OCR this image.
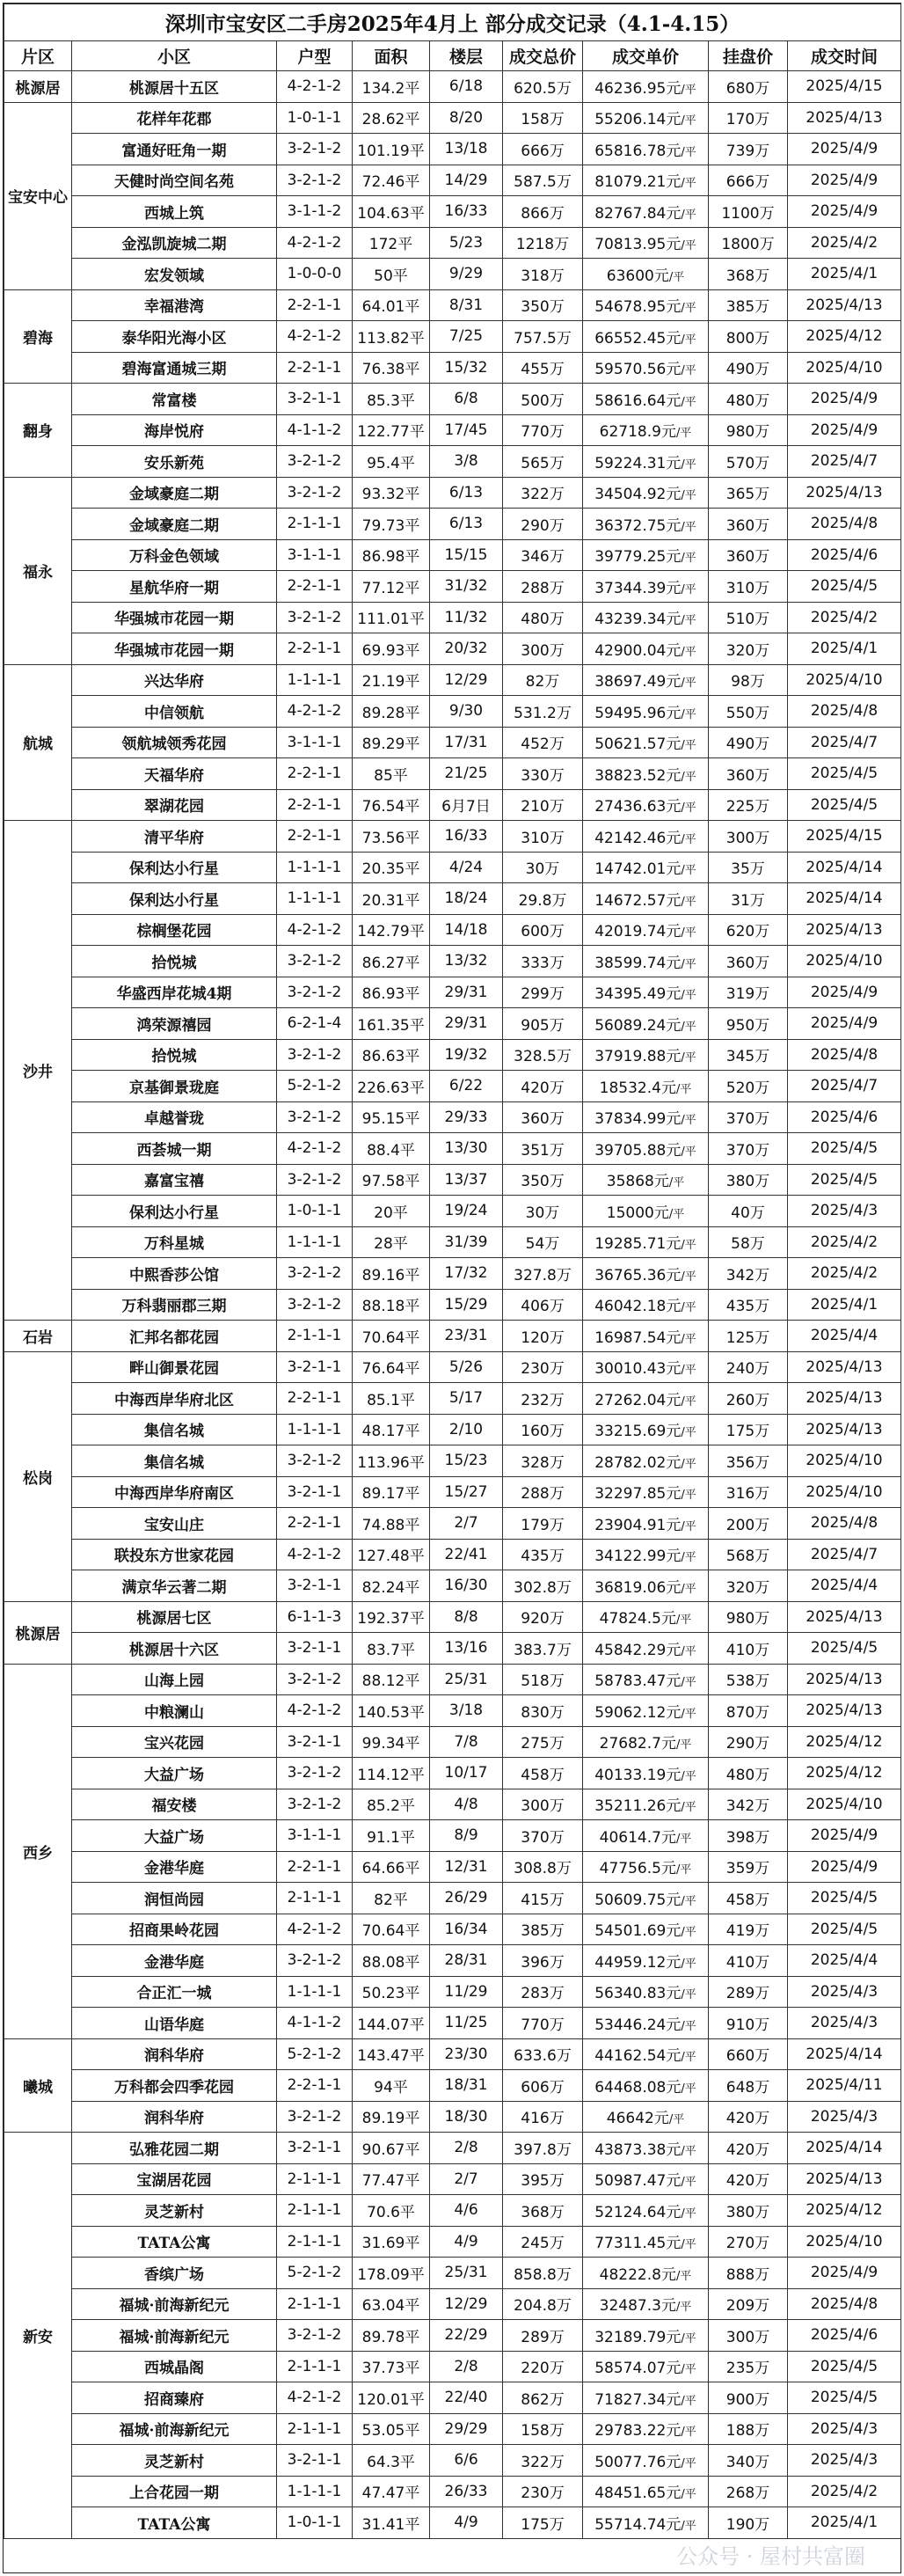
深圳市宝安区二手房2025年4月上 部分成交记录（4.1-4.15）								
片区	小区	户型	面积	楼层	成交总价	成交单价	挂盘价	成交时间
桃源居	桃源居十五区	4-2-1-2	134.2平	6/18	620.5万	46236.95元/平	680万	2025/4/15
宝安中心	花样年花郡	1-0-1-1	28.62平	8/20	158万	55206.14元/平	170万	2025/4/13
	富通好旺角一期	3-2-1-2	101.19平	13/18	666万	65816.78元/平	739万	2025/4/9
	天健时尚空间名苑	3-2-1-2	72.46平	14/29	587.5万	81079.21元/平	666万	2025/4/9
	西城上筑	3-1-1-2	104.63平	16/33	866万	82767.84元/平	1100万	2025/4/9
	金泓凯旋城二期	4-2-1-2	172平	5/23	1218万	70813.95元/平	1800万	2025/4/2
	宏发领域	1-0-0-0	50平	9/29	318万	63600元/平	368万	2025/4/1
碧海	幸福港湾	2-2-1-1	64.01平	8/31	350万	54678.95元/平	385万	2025/4/13
	泰华阳光海小区	4-2-1-2	113.82平	7/25	757.5万	66552.45元/平	800万	2025/4/12
	碧海富通城三期	2-2-1-1	76.38平	15/32	455万	59570.56元/平	490万	2025/4/10
翻身	常富楼	3-2-1-1	85.3平	6/8	500万	58616.64元/平	480万	2025/4/9
	海岸悦府	4-1-1-2	122.77平	17/45	770万	62718.9元/平	980万	2025/4/9
	安乐新苑	3-2-1-2	95.4平	3/8	565万	59224.31元/平	570万	2025/4/7
福永	金域豪庭二期	3-2-1-2	93.32平	6/13	322万	34504.92元/平	365万	2025/4/13
	金域豪庭二期	2-1-1-1	79.73平	6/13	290万	36372.75元/平	360万	2025/4/8
	万科金色领域	3-1-1-1	86.98平	15/15	346万	39779.25元/平	360万	2025/4/6
	星航华府一期	2-2-1-1	77.12平	31/32	288万	37344.39元/平	310万	2025/4/5
	华强城市花园一期	3-2-1-2	111.01平	11/32	480万	43239.34元/平	510万	2025/4/2
	华强城市花园一期	2-2-1-1	69.93平	20/32	300万	42900.04元/平	320万	2025/4/1
航城	兴达华府	1-1-1-1	21.19平	12/29	82万	38697.49元/平	98万	2025/4/10
	中信领航	4-2-1-2	89.28平	9/30	531.2万	59495.96元/平	550万	2025/4/8
	领航城领秀花园	3-1-1-1	89.29平	17/31	452万	50621.57元/平	490万	2025/4/7
	天福华府	2-2-1-1	85平	21/25	330万	38823.52元/平	360万	2025/4/5
	翠湖花园	2-2-1-1	76.54平	6月7日	210万	27436.63元/平	225万	2025/4/5
沙井	清平华府	2-2-1-1	73.56平	16/33	310万	42142.46元/平	300万	2025/4/15
	保利达小行星	1-1-1-1	20.35平	4/24	30万	14742.01元/平	35万	2025/4/14
	保利达小行星	1-1-1-1	20.31平	18/24	29.8万	14672.57元/平	31万	2025/4/14
	棕榈堡花园	4-2-1-2	142.79平	14/18	600万	42019.74元/平	620万	2025/4/13
	拾悦城	3-2-1-2	86.27平	13/32	333万	38599.74元/平	360万	2025/4/10
	华盛西岸花城4期	3-2-1-2	86.93平	29/31	299万	34395.49元/平	319万	2025/4/9
	鸿荣源禧园	6-2-1-4	161.35平	29/31	905万	56089.24元/平	950万	2025/4/9
	拾悦城	3-2-1-2	86.63平	19/32	328.5万	37919.88元/平	345万	2025/4/8
	京基御景珑庭	5-2-1-2	226.63平	6/22	420万	18532.4元/平	520万	2025/4/7
	卓越誉珑	3-2-1-2	95.15平	29/33	360万	37834.99元/平	370万	2025/4/6
	西荟城一期	4-2-1-2	88.4平	13/30	351万	39705.88元/平	370万	2025/4/5
	嘉富宝禧	3-2-1-2	97.58平	13/37	350万	35868元/平	380万	2025/4/5
	保利达小行星	1-0-1-1	20平	19/24	30万	15000元/平	40万	2025/4/3
	万科星城	1-1-1-1	28平	31/39	54万	19285.71元/平	58万	2025/4/2
	中熙香莎公馆	3-2-1-2	89.16平	17/32	327.8万	36765.36元/平	342万	2025/4/2
	万科翡丽郡三期	3-2-1-2	88.18平	15/29	406万	46042.18元/平	435万	2025/4/1
石岩	汇邦名都花园	2-1-1-1	70.64平	23/31	120万	16987.54元/平	125万	2025/4/4
松岗	畔山御景花园	3-2-1-1	76.64平	5/26	230万	30010.43元/平	240万	2025/4/13
	中海西岸华府北区	2-2-1-1	85.1平	5/17	232万	27262.04元/平	260万	2025/4/13
	集信名城	1-1-1-1	48.17平	2/10	160万	33215.69元/平	175万	2025/4/13
	集信名城	3-2-1-2	113.96平	15/23	328万	28782.02元/平	356万	2025/4/10
	中海西岸华府南区	3-2-1-1	89.17平	15/27	288万	32297.85元/平	316万	2025/4/10
	宝安山庄	2-2-1-1	74.88平	2/7	179万	23904.91元/平	200万	2025/4/8
	联投东方世家花园	4-2-1-2	127.48平	22/41	435万	34122.99元/平	568万	2025/4/7
	满京华云著二期	3-2-1-1	82.24平	16/30	302.8万	36819.06元/平	320万	2025/4/4
桃源居	桃源居七区	6-1-1-3	192.37平	8/8	920万	47824.5元/平	980万	2025/4/13
	桃源居十六区	3-2-1-1	83.7平	13/16	383.7万	45842.29元/平	410万	2025/4/5
西乡	山海上园	3-2-1-2	88.12平	25/31	518万	58783.47元/平	538万	2025/4/13
	中粮澜山	4-2-1-2	140.53平	3/18	830万	59062.12元/平	870万	2025/4/13
	宝兴花园	3-2-1-1	99.34平	7/8	275万	27682.7元/平	290万	2025/4/12
	大益广场	3-2-1-2	114.12平	10/17	458万	40133.19元/平	480万	2025/4/12
	福安楼	3-2-1-2	85.2平	4/8	300万	35211.26元/平	342万	2025/4/10
	大益广场	3-1-1-1	91.1平	8/9	370万	40614.7元/平	398万	2025/4/9
	金港华庭	2-2-1-1	64.66平	12/31	308.8万	47756.5元/平	359万	2025/4/9
	润恒尚园	2-1-1-1	82平	26/29	415万	50609.75元/平	458万	2025/4/5
	招商果岭花园	4-2-1-2	70.64平	16/34	385万	54501.69元/平	419万	2025/4/5
	金港华庭	3-2-1-2	88.08平	28/31	396万	44959.12元/平	410万	2025/4/4
	合正汇一城	1-1-1-1	50.23平	11/29	283万	56340.83元/平	289万	2025/4/3
	山语华庭	4-1-1-2	144.07平	11/25	770万	53446.24元/平	910万	2025/4/3
曦城	润科华府	5-2-1-2	143.47平	23/30	633.6万	44162.54元/平	660万	2025/4/14
	万科都会四季花园	2-2-1-1	94平	18/31	606万	64468.08元/平	648万	2025/4/11
	润科华府	3-2-1-2	89.19平	18/30	416万	46642元/平	420万	2025/4/3
新安	弘雅花园二期	3-2-1-1	90.67平	2/8	397.8万	43873.38元/平	420万	2025/4/14
	宝湖居花园	2-1-1-1	77.47平	2/7	395万	50987.47元/平	420万	2025/4/13
	灵芝新村	2-1-1-1	70.6平	4/6	368万	52124.64元/平	380万	2025/4/12
	TATA公寓	2-1-1-1	31.69平	4/9	245万	77311.45元/平	270万	2025/4/10
	香缤广场	5-2-1-2	178.09平	25/31	858.8万	48222.8元/平	888万	2025/4/9
	福城·前海新纪元	2-1-1-1	63.04平	12/29	204.8万	32487.3元/平	209万	2025/4/8
	福城·前海新纪元	3-2-1-2	89.78平	22/29	289万	32189.79元/平	300万	2025/4/6
	西城晶阁	2-1-1-1	37.73平	2/8	220万	58574.07元/平	235万	2025/4/5
	招商臻府	4-2-1-2	120.01平	22/40	862万	71827.34元/平	900万	2025/4/5
	福城·前海新纪元	2-1-1-1	53.05平	29/29	158万	29783.22元/平	188万	2025/4/3
	灵芝新村	3-2-1-1	64.3平	6/6	322万	50077.76元/平	340万	2025/4/3
	上合花园一期	1-1-1-1	47.47平	26/33	230万	48451.65元/平	268万	2025/4/2
	TATA公寓	1-0-1-1	31.41平	4/9	175万	55714.74元/平	190万	2025/4/1
公众号 · 屋村共富圈
